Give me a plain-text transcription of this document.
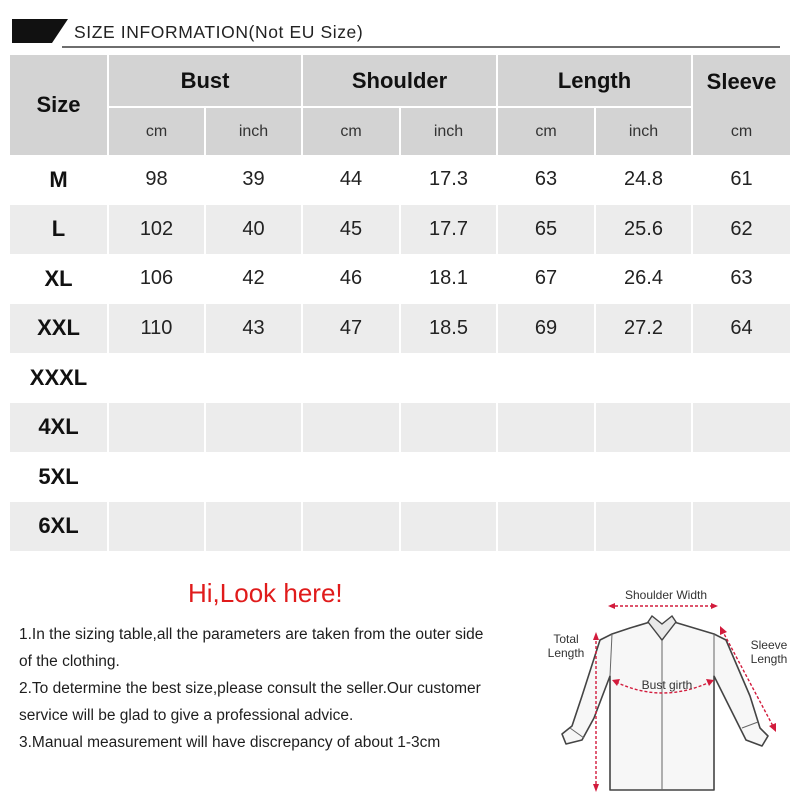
SIZE INFORMATION(Not EU Size)
Size	Bust		Shoulder		Length		Sleeve
	cm	inch	cm	inch	cm	inch	cm
M	98	39	44	17.3	63	24.8	61
L	102	40	45	17.7	65	25.6	62
XL	106	42	46	18.1	67	26.4	63
XXL	110	43	47	18.5	69	27.2	64
XXXL							
4XL							
5XL							
6XL							
Hi,Look here!
1.In the sizing table,all the parameters are taken from the outer side
of the clothing.
2.To determine the best size,please consult the seller.Our customer
service will be glad to give a professional advice.
3.Manual measurement will have discrepancy of about 1-3cm
Shoulder Width
Total
Length
Sleeve
Length
Bust girth
